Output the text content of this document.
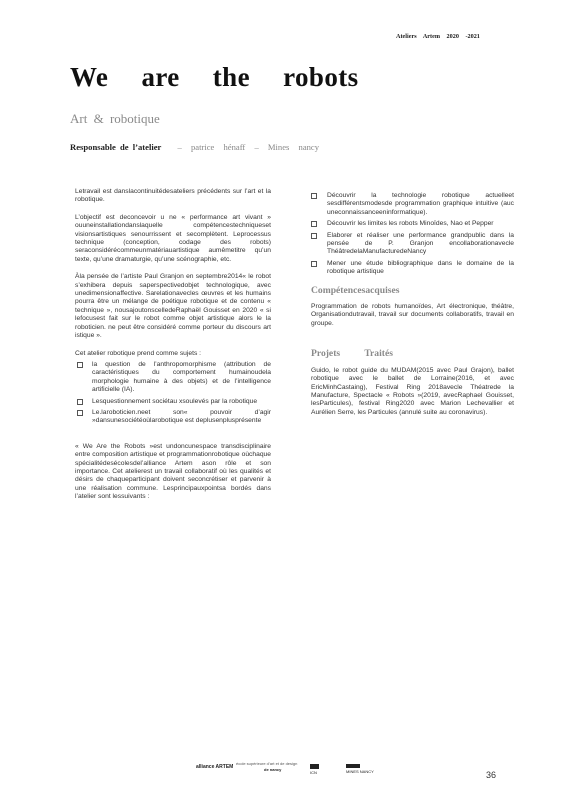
Ateliers Artem 2020 -2021
We are the robots
Art & robotique
Responsable de l’atelier – patrice hénaff – Mines nancy

Letravail est danslacontinuitédesateliers précédents sur l’art et la robotique.

L’objectif est deconcevoir u ne « performance art vivant » ouuneinstallationdanslaquelle compétencestechniqueset visionsartistiques senourrissent et secomplètent. Leprocessus technique (conception, codage des robots) seraconsidérécommeunmatériauartistique aumêmetitre qu’un texte, qu’une dramaturgie, qu’une scénographie, etc.

Àla pensée de l’artiste Paul Granjon en septembre2014« le robot s’exhibera depuis saperspectivedobjet technologique, avec unedimensionaffective. Sarelationavecles œuvres et les humains pourra être un mélange de poétique robotique et de contenu « technique », nousajoutonscelledeRaphaël Gouisset en 2020 « si lefocusest fait sur le robot comme objet artistique alors le la roboticien. ne peut être considéré comme porteur du discours art istique ».

Cet atelier robotique prend comme sujets :

la question de l’anthropomorphisme (attribution de caractéristiques du comportement humainoudela morphologie humaine à des objets) et de l’intelligence artificielle (IA).
Lesquestionnement sociétau xsoulevés par la robotique
Le.laroboticien.neet son« pouvoir d’agir »dansunesociétéoùlarobotique est deplusenplusprésente

« We Are the Robots »est undoncunespace transdisciplinaire entre composition artistique et programmationrobotique oùchaque spécialitédesécolesdel’alliance Artem ason rôle et son importance. Cet atelierest un travail collaboratif où les qualités et désirs de chaqueparticipant doivent seconcrétiser et parvenir à une réalisation commune. Lesprincipauxpointsa bordés dans l’atelier sont lessuivants :

Découvrir la technologie robotique actuelleet sesdifférentsmodesde programmation graphique intuitive (auc uneconnaissanceeninformatique).
Découvrir les limites les robots Minoïdes, Nao et Pepper
Elaborer et réaliser une performance grandpublic dans la pensée de P. Granjon encollaborationavecle ThéâtredelaManufacturedeNancy
Mener une étude bibliographique dans le domaine de la robotique artistique
Compétencesacquises

Programmation de robots humanoïdes, Art électronique, théâtre, Organisationdutravail, travail sur documents collaboratifs, travail en groupe.

Projets Traités

Guido, le robot guide du MUDAM(2015 avec Paul Grajon), ballet robotique avec le ballet de Lorraine(2016, et avec EricMinhCastaing), Festival Ring 2018avecle Théatrede la Manufacture, Spectacle « Robots »(2019, avecRaphael Gouisset, lesParticules), festival Ring2020 avec Marion Lechevallier et Aurélien Serre, les Particules (annulé suite au coronavirus).

alliance ARTEM
école supérieure d’art et de design
de nancy	ICN	MINES NANCY	36
